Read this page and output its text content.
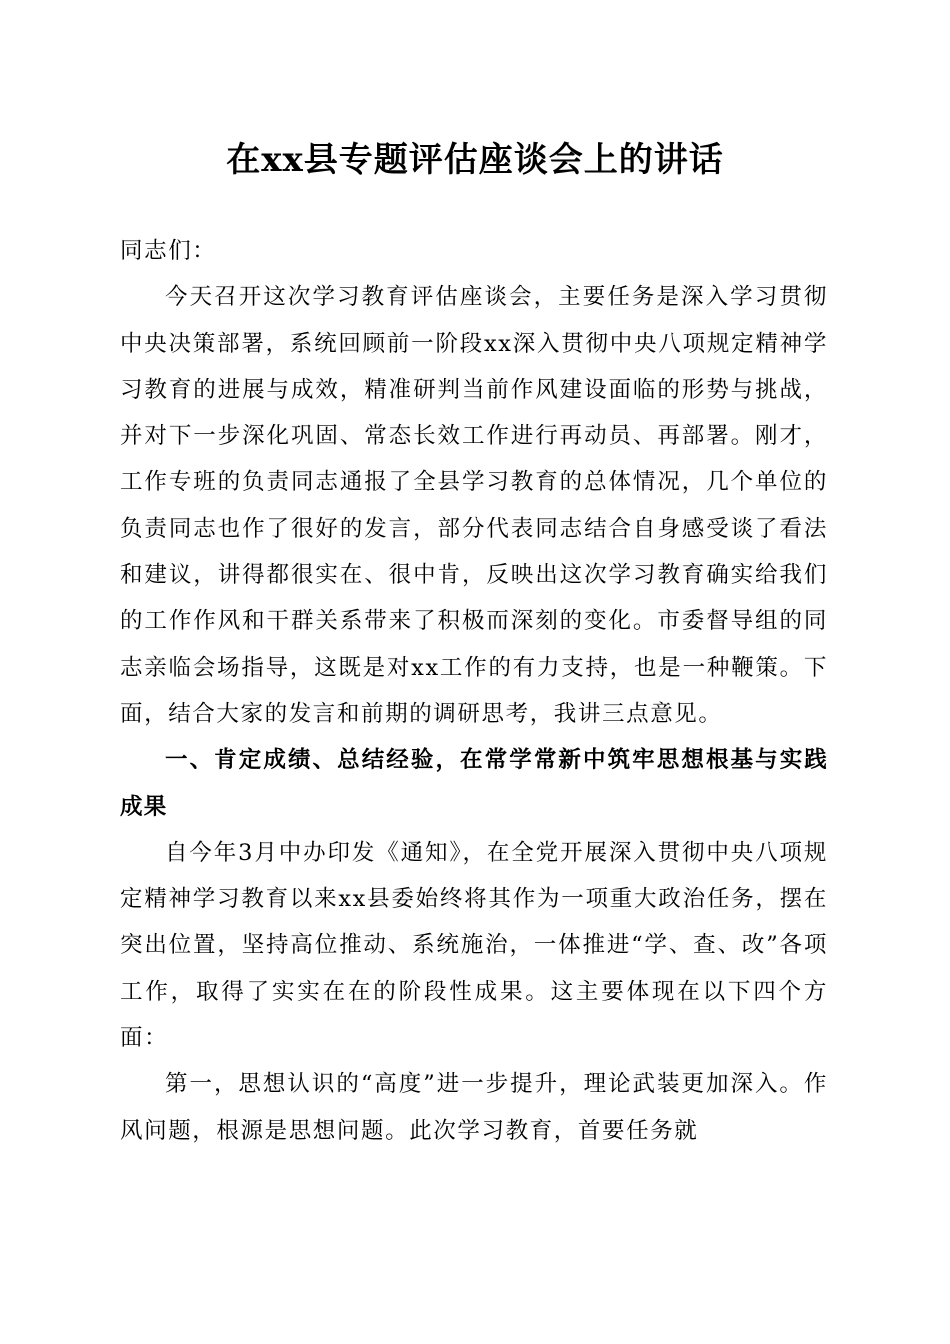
在xx县专题评估座谈会上的讲话

同志们：

今天召开这次学习教育评估座谈会，主要任务是深入学习贯彻中央决策部署，系统回顾前一阶段xx深入贯彻中央八项规定精神学习教育的进展与成效，精准研判当前作风建设面临的形势与挑战，并对下一步深化巩固、常态长效工作进行再动员、再部署。刚才，工作专班的负责同志通报了全县学习教育的总体情况，几个单位的负责同志也作了很好的发言，部分代表同志结合自身感受谈了看法和建议，讲得都很实在、很中肯，反映出这次学习教育确实给我们的工作作风和干群关系带来了积极而深刻的变化。市委督导组的同志亲临会场指导，这既是对xx工作的有力支持，也是一种鞭策。下面，结合大家的发言和前期的调研思考，我讲三点意见。

一、肯定成绩、总结经验，在常学常新中筑牢思想根基与实践成果

自今年3月中办印发《通知》，在全党开展深入贯彻中央八项规定精神学习教育以来xx县委始终将其作为一项重大政治任务，摆在突出位置，坚持高位推动、系统施治，一体推进“学、查、改”各项工作，取得了实实在在的阶段性成果。这主要体现在以下四个方面：

第一，思想认识的“高度”进一步提升，理论武装更加深入。作风问题，根源是思想问题。此次学习教育，首要任务就
